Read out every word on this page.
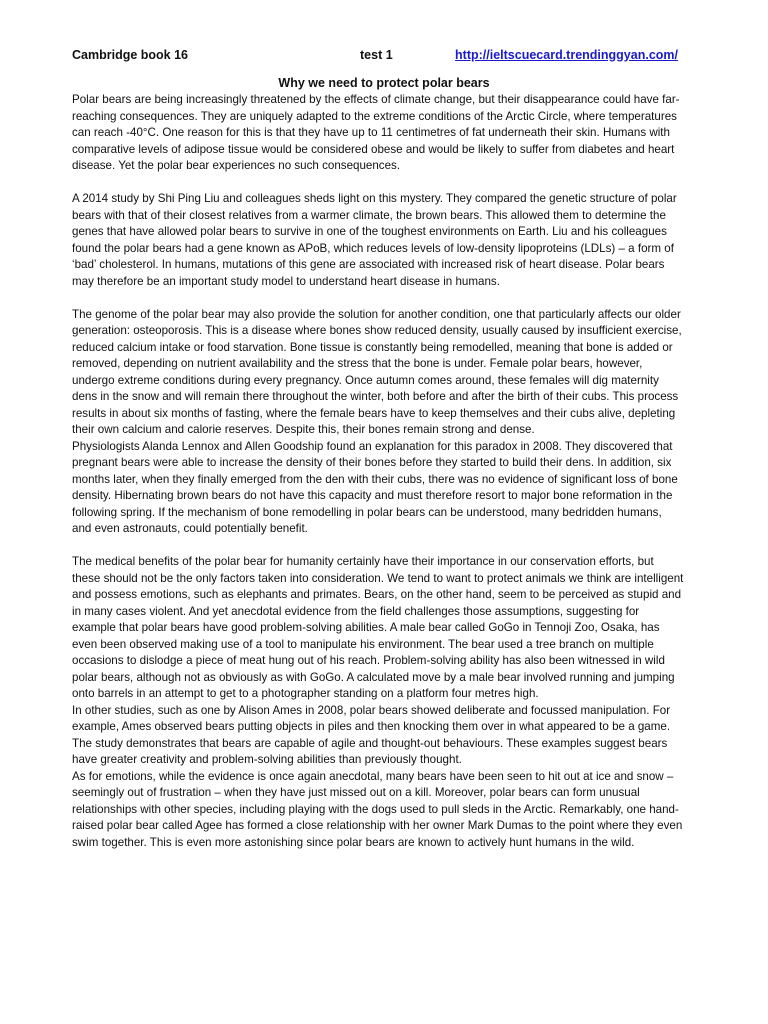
Cambridge book 16	test 1	http://ieltscuecard.trendinggyan.com/
Why we need to protect polar bears

Polar bears are being increasingly threatened by the effects of climate change, but their disappearance could have far-reaching consequences. They are uniquely adapted to the extreme conditions of the Arctic Circle, where temperatures can reach -40°C. One reason for this is that they have up to 11 centimetres of fat underneath their skin. Humans with comparative levels of adipose tissue would be considered obese and would be likely to suffer from diabetes and heart disease. Yet the polar bear experiences no such consequences.

A 2014 study by Shi Ping Liu and colleagues sheds light on this mystery. They compared the genetic structure of polar bears with that of their closest relatives from a warmer climate, the brown bears. This allowed them to determine the genes that have allowed polar bears to survive in one of the toughest environments on Earth. Liu and his colleagues found the polar bears had a gene known as APoB, which reduces levels of low-density lipoproteins (LDLs) – a form of ‘bad’ cholesterol. In humans, mutations of this gene are associated with increased risk of heart disease. Polar bears may therefore be an important study model to understand heart disease in humans.

The genome of the polar bear may also provide the solution for another condition, one that particularly affects our older generation: osteoporosis. This is a disease where bones show reduced density, usually caused by insufficient exercise, reduced calcium intake or food starvation. Bone tissue is constantly being remodelled, meaning that bone is added or removed, depending on nutrient availability and the stress that the bone is under. Female polar bears, however, undergo extreme conditions during every pregnancy. Once autumn comes around, these females will dig maternity dens in the snow and will remain there throughout the winter, both before and after the birth of their cubs. This process results in about six months of fasting, where the female bears have to keep themselves and their cubs alive, depleting their own calcium and calorie reserves. Despite this, their bones remain strong and dense.

Physiologists Alanda Lennox and Allen Goodship found an explanation for this paradox in 2008. They discovered that pregnant bears were able to increase the density of their bones before they started to build their dens. In addition, six months later, when they finally emerged from the den with their cubs, there was no evidence of significant loss of bone density. Hibernating brown bears do not have this capacity and must therefore resort to major bone reformation in the following spring. If the mechanism of bone remodelling in polar bears can be understood, many bedridden humans, and even astronauts, could potentially benefit.

The medical benefits of the polar bear for humanity certainly have their importance in our conservation efforts, but these should not be the only factors taken into consideration. We tend to want to protect animals we think are intelligent and possess emotions, such as elephants and primates. Bears, on the other hand, seem to be perceived as stupid and in many cases violent. And yet anecdotal evidence from the field challenges those assumptions, suggesting for example that polar bears have good problem-solving abilities. A male bear called GoGo in Tennoji Zoo, Osaka, has even been observed making use of a tool to manipulate his environment. The bear used a tree branch on multiple occasions to dislodge a piece of meat hung out of his reach. Problem-solving ability has also been witnessed in wild polar bears, although not as obviously as with GoGo. A calculated move by a male bear involved running and jumping onto barrels in an attempt to get to a photographer standing on a platform four metres high.

In other studies, such as one by Alison Ames in 2008, polar bears showed deliberate and focussed manipulation. For example, Ames observed bears putting objects in piles and then knocking them over in what appeared to be a game. The study demonstrates that bears are capable of agile and thought-out behaviours. These examples suggest bears have greater creativity and problem-solving abilities than previously thought.

As for emotions, while the evidence is once again anecdotal, many bears have been seen to hit out at ice and snow – seemingly out of frustration – when they have just missed out on a kill. Moreover, polar bears can form unusual relationships with other species, including playing with the dogs used to pull sleds in the Arctic. Remarkably, one hand-raised polar bear called Agee has formed a close relationship with her owner Mark Dumas to the point where they even swim together. This is even more astonishing since polar bears are known to actively hunt humans in the wild.
